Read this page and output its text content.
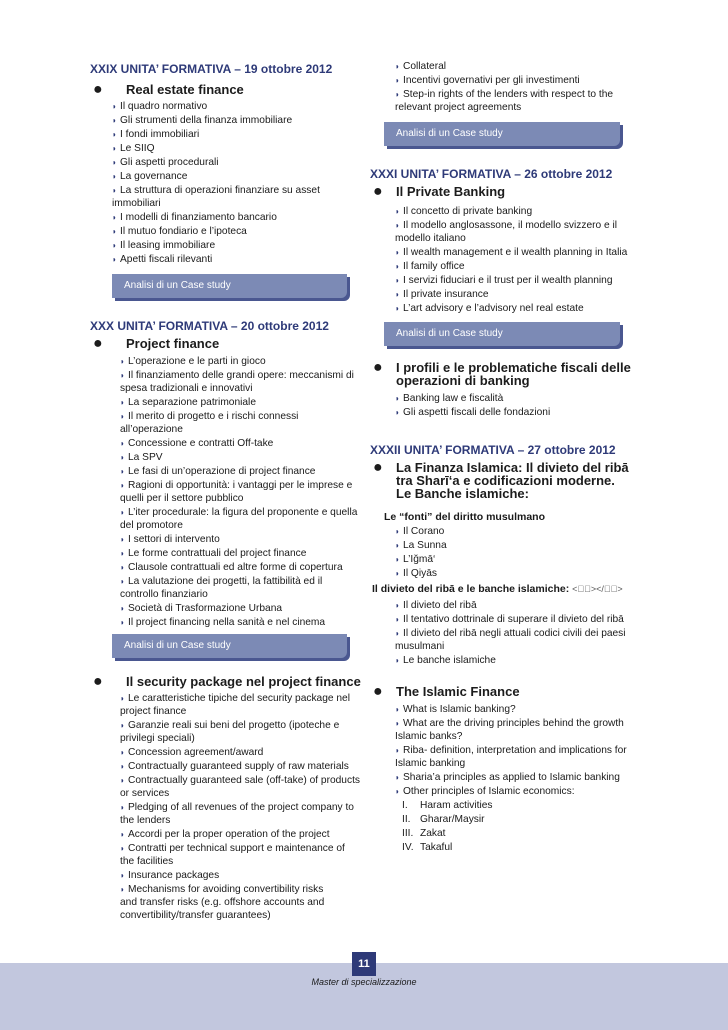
XXIX UNITA’ FORMATIVA – 19 ottobre 2012
● Real estate finance
◗ Il quadro normativo
◗ Gli strumenti della finanza immobiliare
◗ I fondi immobiliari
◗ Le SIIQ
◗ Gli aspetti procedurali
◗ La governance
◗ La struttura di operazioni finanziare su asset
immobiliari
◗ I modelli di finanziamento bancario
◗ Il mutuo fondiario e l’ipoteca
◗ Il leasing immobiliare
◗ Apetti fiscali rilevanti
Analisi di un Case study
XXX UNITA’ FORMATIVA – 20 ottobre 2012
● Project finance
◗ L’operazione e le parti in gioco
◗ Il finanziamento delle grandi opere: meccanismi di
spesa tradizionali e innovativi
◗ La separazione patrimoniale
◗ Il merito di progetto e i rischi connessi
all’operazione
◗ Concessione e contratti Off-take
◗ La SPV
◗ Le fasi di un’operazione di project finance
◗ Ragioni di opportunità: i vantaggi per le imprese e
quelli per il settore pubblico
◗ L’iter procedurale: la figura del proponente e quella
del promotore
◗ I settori di intervento
◗ Le forme contrattuali del project finance
◗ Clausole contrattuali ed altre forme di copertura
◗ La valutazione dei progetti, la fattibilità ed il
controllo finanziario
◗ Società di Trasformazione Urbana
◗ Il project financing nella sanità e nel cinema
Analisi di un Case study
● Il security package nel project finance
◗ Le caratteristiche tipiche del security package nel
project finance
◗ Garanzie reali sui beni del progetto (ipoteche e
privilegi speciali)
◗ Concession agreement/award
◗ Contractually guaranteed supply of raw materials
◗ Contractually guaranteed sale (off-take) of products
or services
◗ Pledging of all revenues of the project company to
the lenders
◗ Accordi per la proper operation of the project
◗ Contratti per technical support e maintenance of
the facilities
◗ Insurance packages
◗ Mechanisms for avoiding convertibility risks
and transfer risks (e.g. offshore accounts and
convertibility/transfer guarantees)
◗ Collateral
◗ Incentivi governativi per gli investimenti
◗ Step-in rights of the lenders with respect to the
relevant project agreements
Analisi di un Case study
XXXI UNITA’ FORMATIVA – 26 ottobre 2012
● Il Private Banking
◗ Il concetto di private banking
◗ Il modello anglosassone, il modello svizzero e il
modello italiano
◗ Il wealth management e il wealth planning in Italia
◗ Il family office
◗ I servizi fiduciari e il trust per il wealth planning
◗ Il private insurance
◗ L’art advisory e l’advisory nel real estate
Analisi di un Case study
● I profili e le problematiche fiscali delle
operazioni di banking
◗ Banking law e fiscalità
◗ Gli aspetti fiscali delle fondazioni
XXXII UNITA’ FORMATIVA – 27 ottobre 2012
● La Finanza Islamica: Il divieto del ribā
tra Sharī‘a e codificazioni moderne.
Le Banche islamiche:
Le “fonti” del diritto musulmano
◗ Il Corano
◗ La Sunna
◗ L’Iğmā‘
◗ Il Qiyās
Il divieto del ribā e le banche islamiche: <⚆⃝></⚆⃝>
◗ Il divieto del ribā
◗ Il tentativo dottrinale di superare il divieto del ribā
◗ Il divieto del ribā negli attuali codici civili dei paesi
musulmani
◗ Le banche islamiche
● The Islamic Finance
◗ What is Islamic banking?
◗ What are the driving principles behind the growth
Islamic banks?
◗ Riba- definition, interpretation and implications for
Islamic banking
◗ Sharia’a principles as applied to Islamic banking
◗ Other principles of Islamic economics:
I. Haram activities
II. Gharar/Maysir
III. Zakat
IV. Takaful
11
Master di specializzazione
